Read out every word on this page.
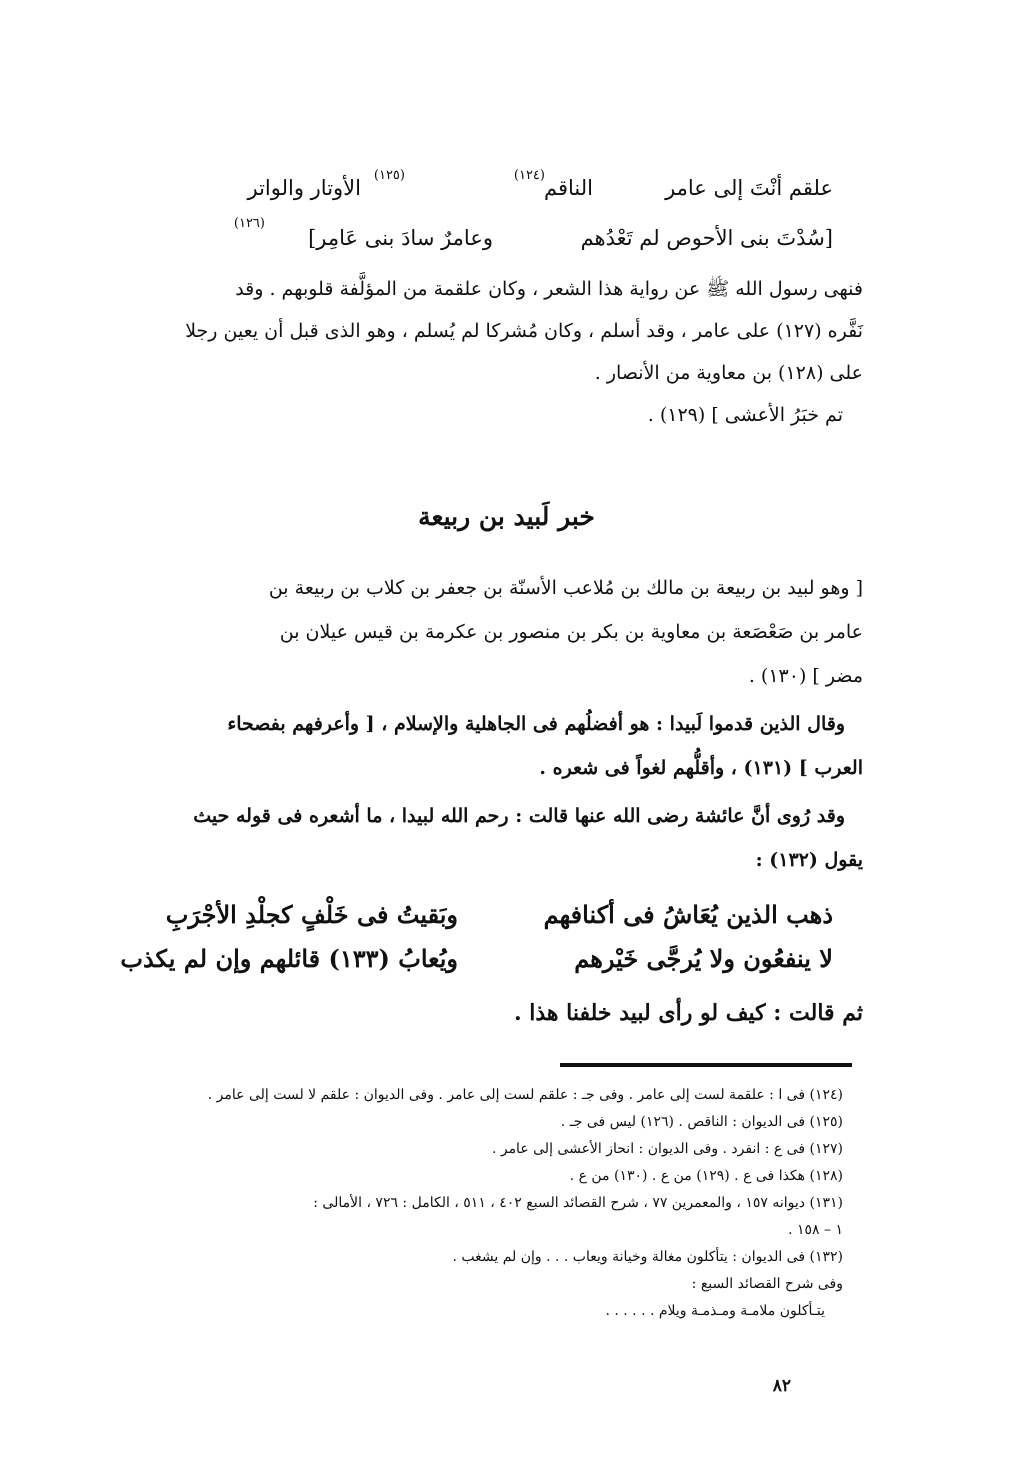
علقم أنْتَ إلى عامر
(١٢٤)
الناقم
(١٢٥)
الأوتار والواتر
[سُدْتَ بنى الأحوص لم تَعْدُهم
وعامرٌ سادَ بنى عَامِر]
(١٢٦)
فنهى رسول الله ﷺ عن رواية هذا الشعر ، وكان علقمة من المؤلَّفة قلوبهم . وقد
نَفَّره (١٢٧) على عامر ، وقد أسلم ، وكان مُشركا لم يُسلم ، وهو الذى قبل أن يعين رجلا
على (١٢٨) بن معاوية من الأنصار .
تم خبَرُ الأعشى ] (١٢٩) .
خبر لَبيد بن ربيعة
[ وهو لبيد بن ربيعة بن مالك بن مُلاعب الأسنّة بن جعفر بن كلاب بن ربيعة بن
عامر بن صَعْصَعة بن معاوية بن بكر بن منصور بن عكرمة بن قيس عيلان بن
مضر ] (١٣٠) .
وقال الذين قدموا لَبيدا : هو أفضلُهم فى الجاهلية والإسلام ، [ وأعرفهم بفصحاء
العرب ] (١٣١) ، وأقلُّهم لغواً فى شعره .
وقد رُوى أنَّ عائشة رضى الله عنها قالت : رحم الله لبيدا ، ما أشعره فى قوله حيث
يقول (١٣٢) :
ذهب الذين يُعَاشُ فى أكنافهم
وبَقيتُ فى خَلْفٍ كجلْدِ الأجْرَبِ
لا ينفعُون ولا يُرجَّى خَيْرهم
ويُعابُ (١٣٣) قائلهم وإن لم يكذب
ثم قالت : كيف لو رأى لبيد خلفنا هذا .
(١٢٤) فى ا : علقمة لست إلى عامر . وفى جـ : علقم لست إلى عامر . وفى الديوان : علقم لا لست إلى عامر .
(١٢٥) فى الديوان : الناقص . (١٢٦) ليس فى جـ .
(١٢٧) فى ع : انفرد . وفى الديوان : انحاز الأعشى إلى عامر .
(١٢٨) هكذا فى ع . (١٢٩) من ع . (١٣٠) من ع .
(١٣١) ديوانه ١٥٧ ، والمعمرين ٧٧ ، شرح القصائد السبع ٤٠٢ ، ٥١١ ، الكامل : ٧٢٦ ، الأمالى :
١ – ١٥٨ .
(١٣٢) فى الديوان : يتأكلون مغالة وخيانة ويعاب . . . وإن لم يشغب .
وفى شرح القصائد السبع :
يتـأكلون ملامـة ومـذمـة ويلام . . . . . .
٨٢
